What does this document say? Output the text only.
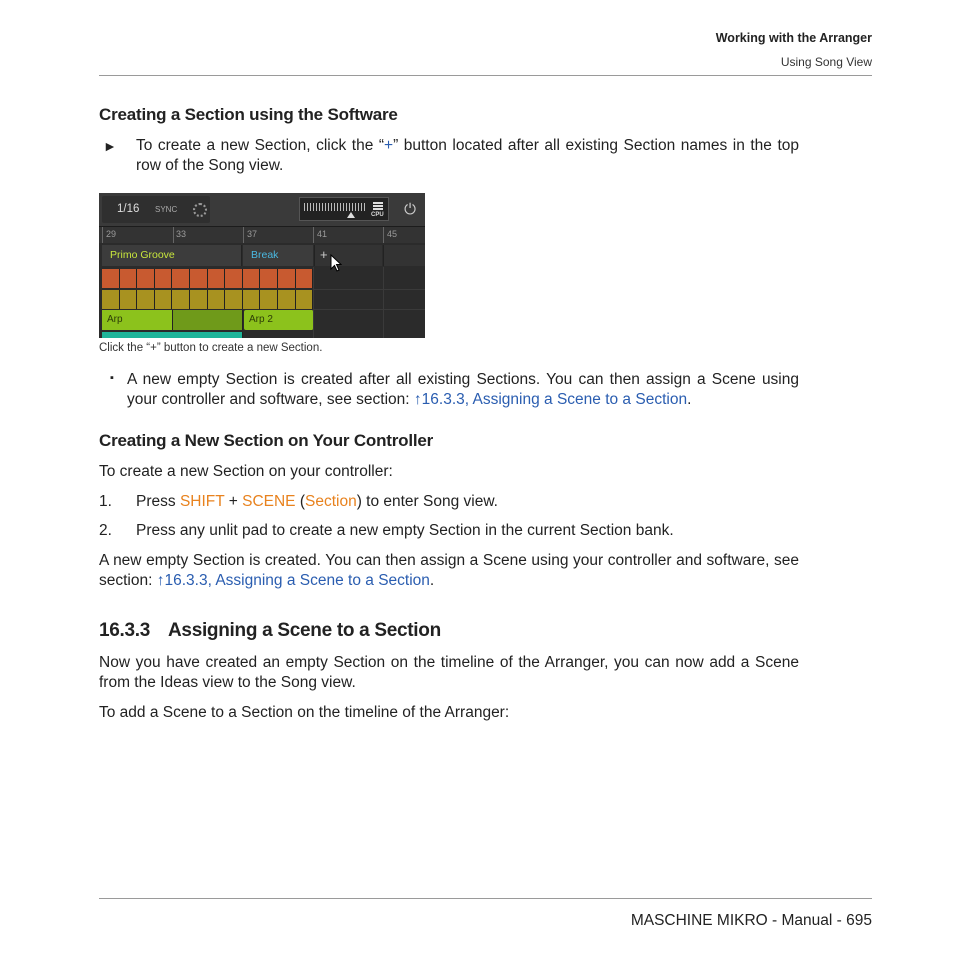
Working with the Arranger
Using Song View
Creating a Section using the Software
► To create a new Section, click the “+” button located after all existing Section names in the top row of the Song view.

1/16 SYNC
CPU	⏻
29	33	37	41	45
Primo Groove	Break	+
Arp	Arp 2
Click the “+” button to create a new Section.
▪ A new empty Section is created after all existing Sections. You can then assign a Scene using your controller and software, see section: ↑16.3.3, Assigning a Scene to a Section.

Creating a New Section on Your Controller

To create a new Section on your controller:

1. Press SHIFT + SCENE (Section) to enter Song view.

2. Press any unlit pad to create a new empty Section in the current Section bank.

A new empty Section is created. You can then assign a Scene using your controller and software, see section: ↑16.3.3, Assigning a Scene to a Section.

16.3.3 Assigning a Scene to a Section

Now you have created an empty Section on the timeline of the Arranger, you can now add a Scene from the Ideas view to the Song view.

To add a Scene to a Section on the timeline of the Arranger:

MASCHINE MIKRO - Manual - 695
